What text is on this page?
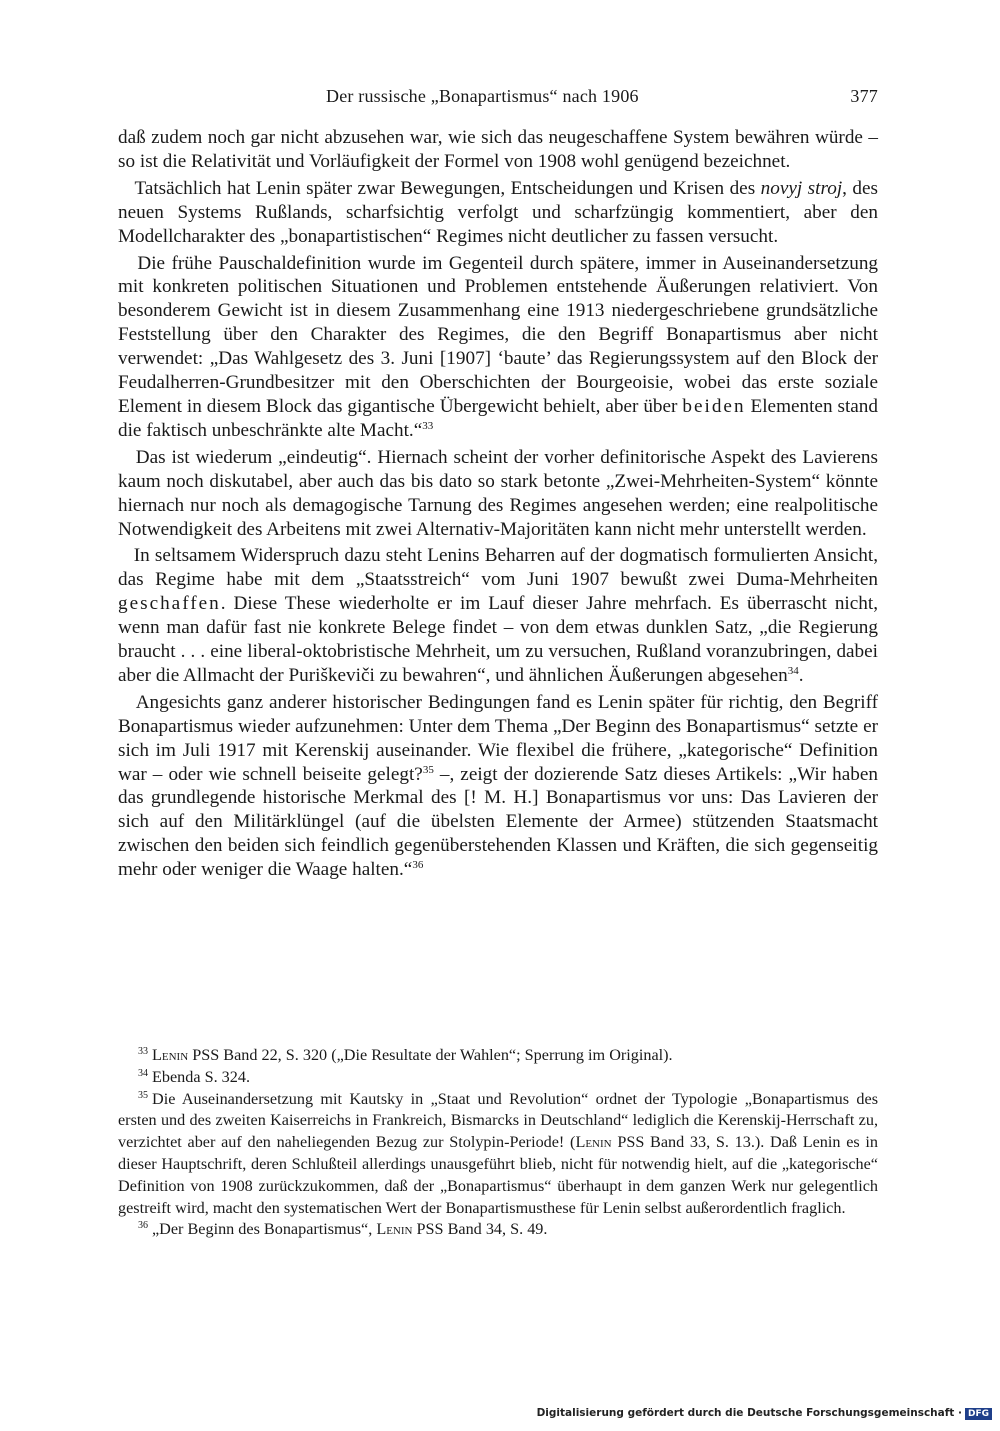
Der russische „Bonapartismus“ nach 1906	377

daß zudem noch gar nicht abzusehen war, wie sich das neugeschaffene System bewähren würde – so ist die Relativität und Vorläufigkeit der Formel von 1908 wohl genügend bezeichnet.

Tatsächlich hat Lenin später zwar Bewegungen, Entscheidungen und Krisen des novyj stroj, des neuen Systems Rußlands, scharfsichtig verfolgt und scharfzüngig kommentiert, aber den Modellcharakter des „bonapartistischen“ Regimes nicht deutlicher zu fassen versucht.

Die frühe Pauschaldefinition wurde im Gegenteil durch spätere, immer in Auseinandersetzung mit konkreten politischen Situationen und Problemen entstehende Äußerungen relativiert. Von besonderem Gewicht ist in diesem Zusammenhang eine 1913 niedergeschriebene grundsätzliche Feststellung über den Charakter des Regimes, die den Begriff Bonapartismus aber nicht verwendet: „Das Wahlgesetz des 3. Juni [1907] ‘baute’ das Regierungssystem auf den Block der Feudalherren-Grundbesitzer mit den Oberschichten der Bourgeoisie, wobei das erste soziale Element in diesem Block das gigantische Übergewicht behielt, aber über beiden Elementen stand die faktisch unbeschränkte alte Macht.“$^{33}$

Das ist wiederum „eindeutig“. Hiernach scheint der vorher definitorische Aspekt des Lavierens kaum noch diskutabel, aber auch das bis dato so stark betonte „Zwei-Mehrheiten-System“ könnte hiernach nur noch als demagogische Tarnung des Regimes angesehen werden; eine realpolitische Notwendigkeit des Arbeitens mit zwei Alternativ-Majoritäten kann nicht mehr unterstellt werden.

In seltsamem Widerspruch dazu steht Lenins Beharren auf der dogmatisch formulierten Ansicht, das Regime habe mit dem „Staatsstreich“ vom Juni 1907 bewußt zwei Duma-Mehrheiten geschaffen. Diese These wiederholte er im Lauf dieser Jahre mehrfach. Es überrascht nicht, wenn man dafür fast nie konkrete Belege findet – von dem etwas dunklen Satz, „die Regierung braucht . . . eine liberal-oktobristische Mehrheit, um zu versuchen, Rußland voranzubringen, dabei aber die Allmacht der Puriškeviči zu bewahren“, und ähnlichen Äußerungen abgesehen$^{34}$.

Angesichts ganz anderer historischer Bedingungen fand es Lenin später für richtig, den Begriff Bonapartismus wieder aufzunehmen: Unter dem Thema „Der Beginn des Bonapartismus“ setzte er sich im Juli 1917 mit Kerenskij auseinander. Wie flexibel die frühere, „kategorische“ Definition war – oder wie schnell beiseite gelegt?$^{35}$ –, zeigt der dozierende Satz dieses Artikels: „Wir haben das grundlegende historische Merkmal des [! M. H.] Bonapartismus vor uns: Das Lavieren der sich auf den Militärklüngel (auf die übelsten Elemente der Armee) stützenden Staatsmacht zwischen den beiden sich feindlich gegenüberstehenden Klassen und Kräften, die sich gegenseitig mehr oder weniger die Waage halten.“$^{36}$

$^{33}$ Lenin PSS Band 22, S. 320 („Die Resultate der Wahlen“; Sperrung im Original).

$^{34}$ Ebenda S. 324.

$^{35}$ Die Auseinandersetzung mit Kautsky in „Staat und Revolution“ ordnet der Typologie „Bonapartismus des ersten und des zweiten Kaiserreichs in Frankreich, Bismarcks in Deutschland“ lediglich die Kerenskij-Herrschaft zu, verzichtet aber auf den naheliegenden Bezug zur Stolypin-Periode! (Lenin PSS Band 33, S. 13.). Daß Lenin es in dieser Hauptschrift, deren Schlußteil allerdings unausgeführt blieb, nicht für notwendig hielt, auf die „kategorische“ Definition von 1908 zurückzukommen, daß der „Bonapartismus“ überhaupt in dem ganzen Werk nur gelegentlich gestreift wird, macht den systematischen Wert der Bonapartismusthese für Lenin selbst außerordentlich fraglich.

$^{36}$ „Der Beginn des Bonapartismus“, Lenin PSS Band 34, S. 49.

Digitalisierung gefördert durch die Deutsche Forschungsgemeinschaft · DFG
